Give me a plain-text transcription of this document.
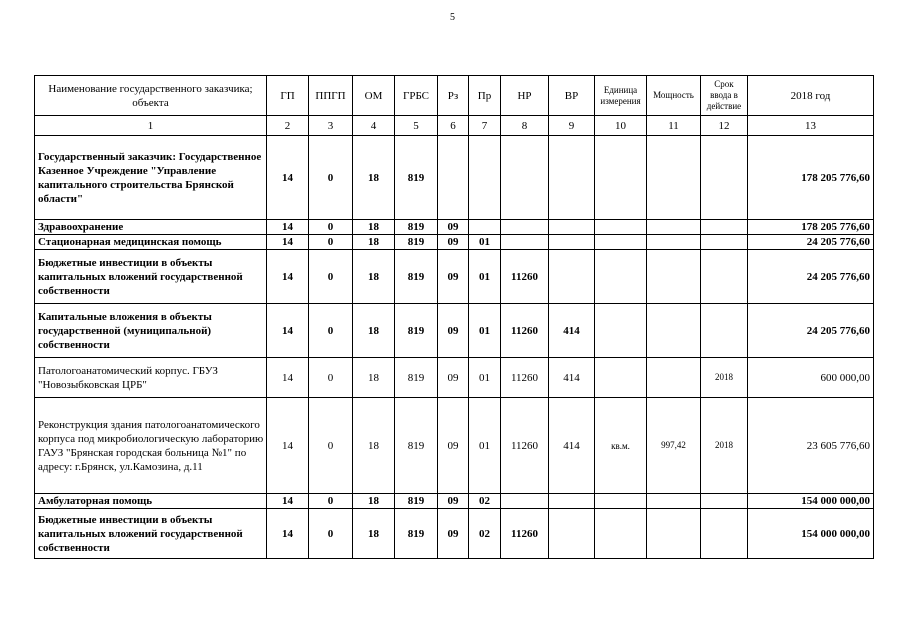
5
Наименование государственного заказчика; объекта	ГП	ППГП	ОМ	ГРБС	Рз	Пр	НР	ВР	Единица измерения	Мощность	Срок ввода в действие	2018 год
1	2	3	4	5	6	7	8	9	10	11	12	13
Государственный заказчик: Государственное Казенное Учреждение "Управление капитального строительства Брянской области"	14	0	18	819								178 205 776,60
Здравоохранение	14	0	18	819	09							178 205 776,60
Стационарная медицинская помощь	14	0	18	819	09	01						24 205 776,60
Бюджетные инвестиции в объекты капитальных вложений государственной собственности	14	0	18	819	09	01	11260					24 205 776,60
Капитальные вложения в объекты государственной (муниципальной) собственности	14	0	18	819	09	01	11260	414				24 205 776,60
Патологоанатомический корпус. ГБУЗ "Новозыбковская ЦРБ"	14	0	18	819	09	01	11260	414			2018	600 000,00
Реконструкция здания патологоанатомического корпуса под микробиологическую лабораторию ГАУЗ "Брянская городская больница №1" по адресу: г.Брянск, ул.Камозина, д.11	14	0	18	819	09	01	11260	414	кв.м.	997,42	2018	23 605 776,60
Амбулаторная помощь	14	0	18	819	09	02						154 000 000,00
Бюджетные инвестиции в объекты капитальных вложений государственной собственности	14	0	18	819	09	02	11260					154 000 000,00
